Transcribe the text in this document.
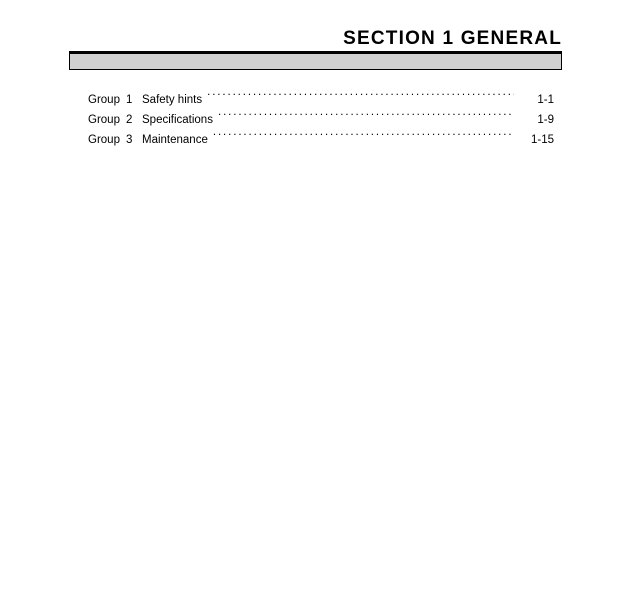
SECTION 1 GENERAL
Group 1 Safety hints .....	1-1
Group 2 Specifications .....	1-9
Group 3 Maintenance .....	1-15
